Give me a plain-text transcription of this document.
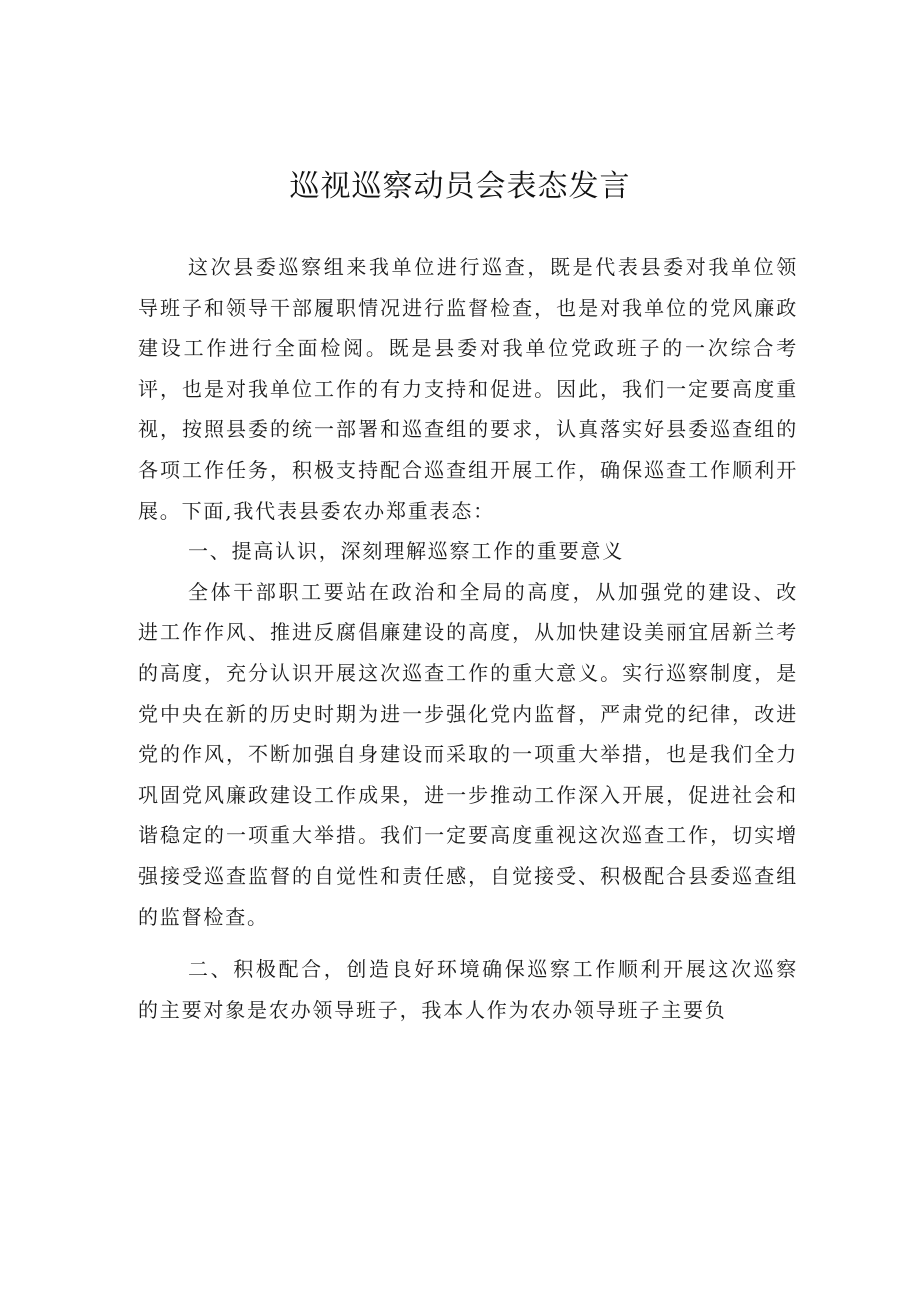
巡视巡察动员会表态发言

这次县委巡察组来我单位进行巡查，既是代表县委对我单位领导班子和领导干部履职情况进行监督检查，也是对我单位的党风廉政建设工作进行全面检阅。既是县委对我单位党政班子的一次综合考评，也是对我单位工作的有力支持和促进。因此，我们一定要高度重视，按照县委的统一部署和巡查组的要求，认真落实好县委巡查组的各项工作任务，积极支持配合巡查组开展工作，确保巡查工作顺利开展。下面,我代表县委农办郑重表态：

一、提高认识，深刻理解巡察工作的重要意义

全体干部职工要站在政治和全局的高度，从加强党的建设、改进工作作风、推进反腐倡廉建设的高度，从加快建设美丽宜居新兰考的高度，充分认识开展这次巡查工作的重大意义。实行巡察制度，是党中央在新的历史时期为进一步强化党内监督，严肃党的纪律，改进党的作风，不断加强自身建设而采取的一项重大举措，也是我们全力巩固党风廉政建设工作成果，进一步推动工作深入开展，促进社会和谐稳定的一项重大举措。我们一定要高度重视这次巡查工作，切实增强接受巡查监督的自觉性和责任感，自觉接受、积极配合县委巡查组的监督检查。

二、积极配合，创造良好环境确保巡察工作顺利开展这次巡察的主要对象是农办领导班子，我本人作为农办领导班子主要负
